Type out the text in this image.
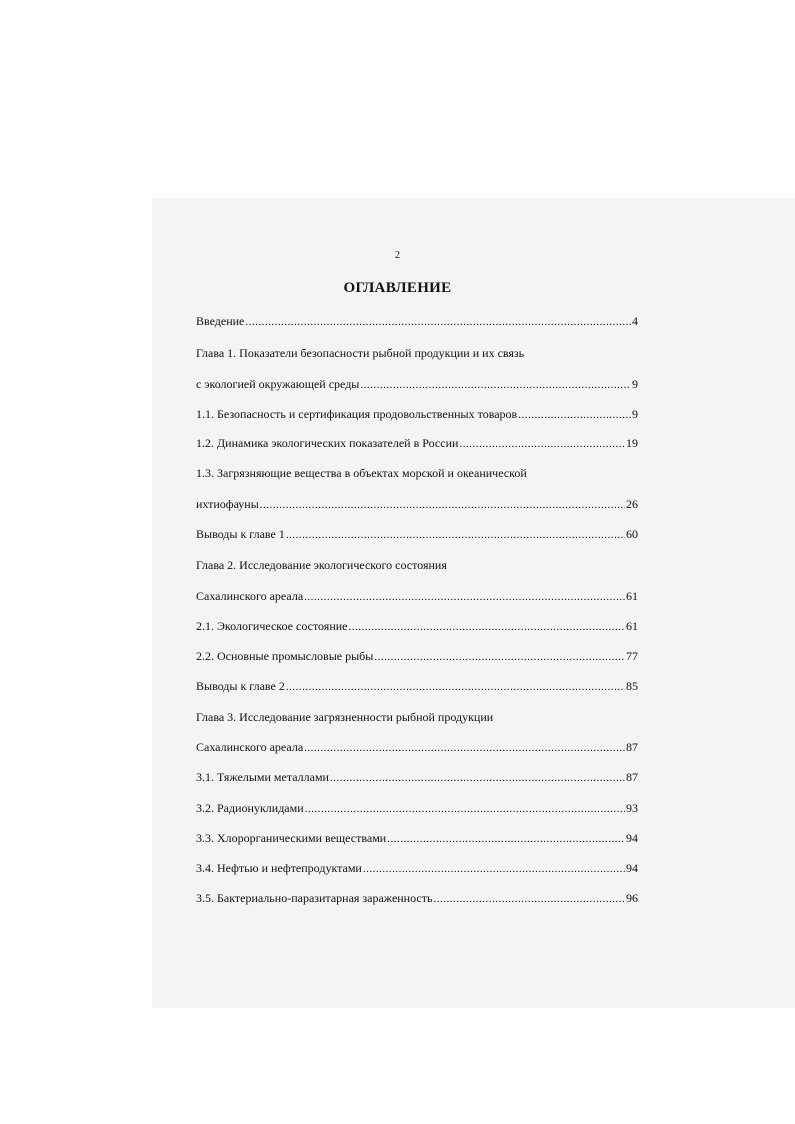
2
ОГЛАВЛЕНИЕ
Введение .....	4
Глава 1. Показатели безопасности рыбной продукции и их связь
с экологией окружающей среды .....	9
1.1. Безопасность и сертификация продовольственных товаров .....	9
1.2. Динамика экологических показателей в России .....	19
1.3. Загрязняющие вещества в объектах морской и океанической
ихтиофауны .....	26
Выводы к главе 1 .....	60
Глава 2. Исследование экологического состояния
Сахалинского ареала .....	61
2.1. Экологическое состояние .....	61
2.2. Основные промысловые рыбы .....	77
Выводы к главе 2 .....	85
Глава 3. Исследование загрязненности рыбной продукции
Сахалинского ареала .....	87
3.1. Тяжелыми металлами .....	87
3.2. Радионуклидами .....	93
3.3. Хлорорганическими веществами .....	94
3.4. Нефтью и нефтепродуктами .....	94
3.5. Бактериально-паразитарная зараженность .....	96
